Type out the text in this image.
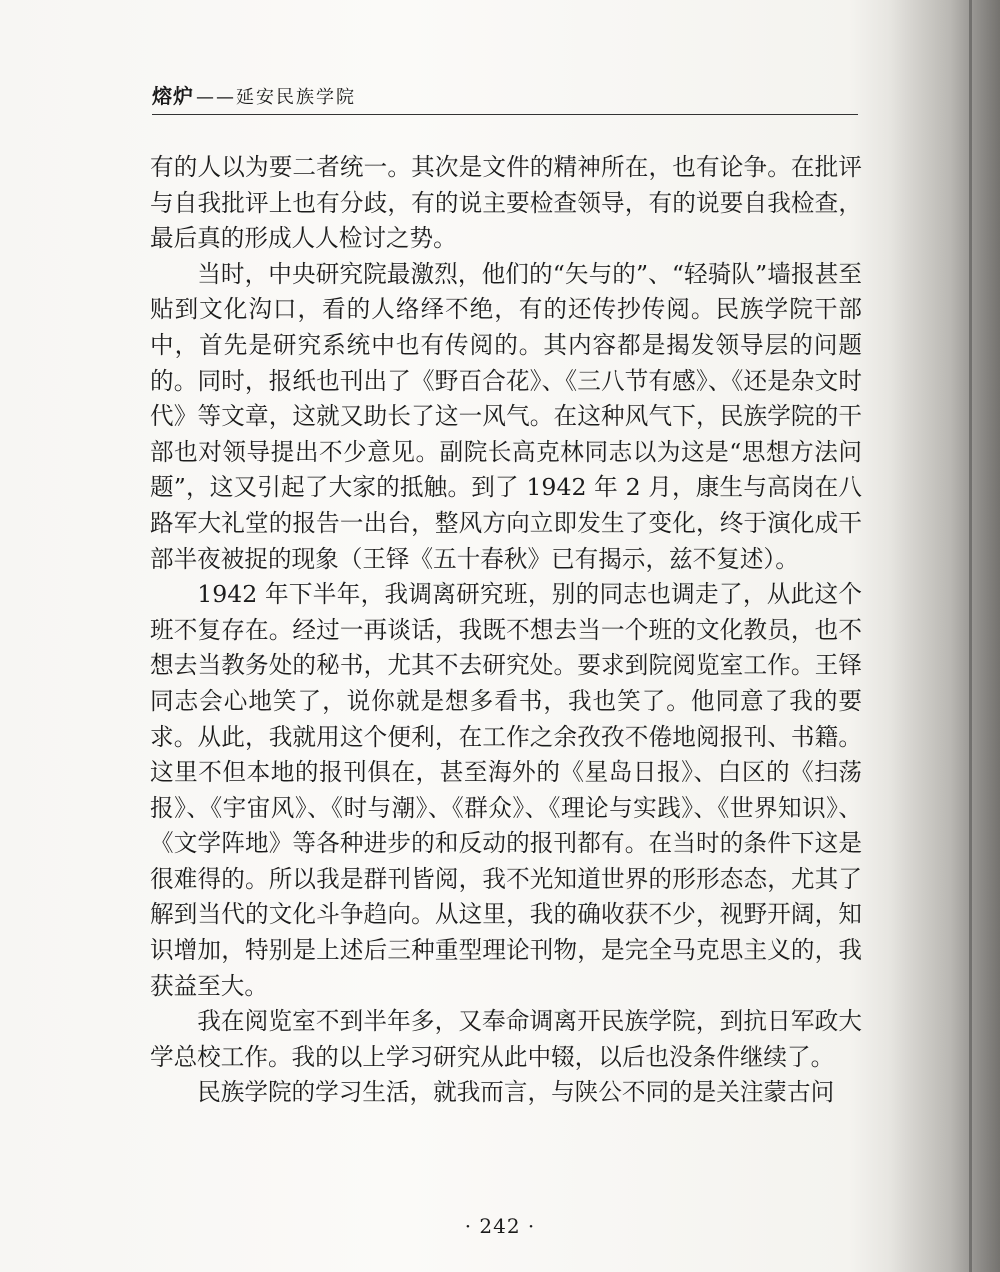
熔炉 ——延安民族学院

有的人以为要二者统一。其次是文件的精神所在，也有论争。在批评与自我批评上也有分歧，有的说主要检查领导，有的说要自我检查，最后真的形成人人检讨之势。

当时，中央研究院最激烈，他们的“矢与的”、“轻骑队”墙报甚至贴到文化沟口，看的人络绎不绝，有的还传抄传阅。民族学院干部中，首先是研究系统中也有传阅的。其内容都是揭发领导层的问题的。同时，报纸也刊出了《野百合花》、《三八节有感》、《还是杂文时代》等文章，这就又助长了这一风气。在这种风气下，民族学院的干部也对领导提出不少意见。副院长高克林同志以为这是“思想方法问题”，这又引起了大家的抵触。到了 1942 年 2 月，康生与高岗在八路军大礼堂的报告一出台，整风方向立即发生了变化，终于演化成干部半夜被捉的现象（王铎《五十春秋》已有揭示，兹不复述）。

1942 年下半年，我调离研究班，别的同志也调走了，从此这个班不复存在。经过一再谈话，我既不想去当一个班的文化教员，也不想去当教务处的秘书，尤其不去研究处。要求到院阅览室工作。王铎同志会心地笑了，说你就是想多看书，我也笑了。他同意了我的要求。从此，我就用这个便利，在工作之余孜孜不倦地阅报刊、书籍。这里不但本地的报刊俱在，甚至海外的《星岛日报》、白区的《扫荡报》、《宇宙风》、《时与潮》、《群众》、《理论与实践》、《世界知识》、《文学阵地》等各种进步的和反动的报刊都有。在当时的条件下这是很难得的。所以我是群刊皆阅，我不光知道世界的形形态态，尤其了解到当代的文化斗争趋向。从这里，我的确收获不少，视野开阔，知识增加，特别是上述后三种重型理论刊物，是完全马克思主义的，我获益至大。

我在阅览室不到半年多，又奉命调离开民族学院，到抗日军政大学总校工作。我的以上学习研究从此中辍，以后也没条件继续了。

民族学院的学习生活，就我而言，与陕公不同的是关注蒙古问

· 242 ·
